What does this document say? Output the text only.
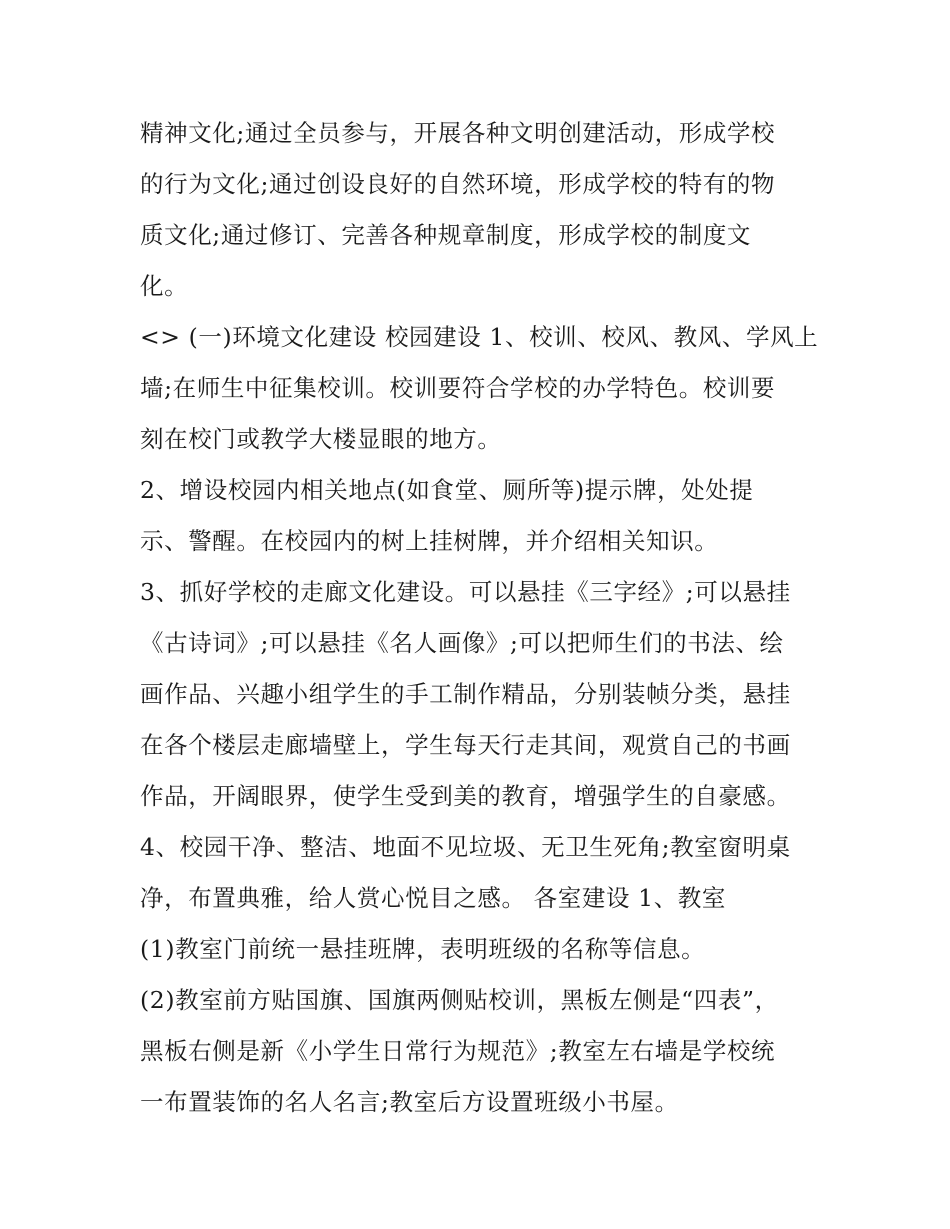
精神文化;通过全员参与，开展各种文明创建活动，形成学校
的行为文化;通过创设良好的自然环境，形成学校的特有的物
质文化;通过修订、完善各种规章制度，形成学校的制度文
化。
<> (一)环境文化建设 校园建设 1、校训、校风、教风、学风上
墙;在师生中征集校训。校训要符合学校的办学特色。校训要
刻在校门或教学大楼显眼的地方。
2、增设校园内相关地点(如食堂、厕所等)提示牌，处处提
示、警醒。在校园内的树上挂树牌，并介绍相关知识。
3、抓好学校的走廊文化建设。可以悬挂《三字经》;可以悬挂
《古诗词》;可以悬挂《名人画像》;可以把师生们的书法、绘
画作品、兴趣小组学生的手工制作精品，分别装帧分类，悬挂
在各个楼层走廊墙壁上，学生每天行走其间，观赏自己的书画
作品，开阔眼界，使学生受到美的教育，增强学生的自豪感。
4、校园干净、整洁、地面不见垃圾、无卫生死角;教室窗明桌
净，布置典雅，给人赏心悦目之感。 各室建设 1、教室
(1)教室门前统一悬挂班牌，表明班级的名称等信息。
(2)教室前方贴国旗、国旗两侧贴校训，黑板左侧是“四表”，
黑板右侧是新《小学生日常行为规范》;教室左右墙是学校统
一布置装饰的名人名言;教室后方设置班级小书屋。
